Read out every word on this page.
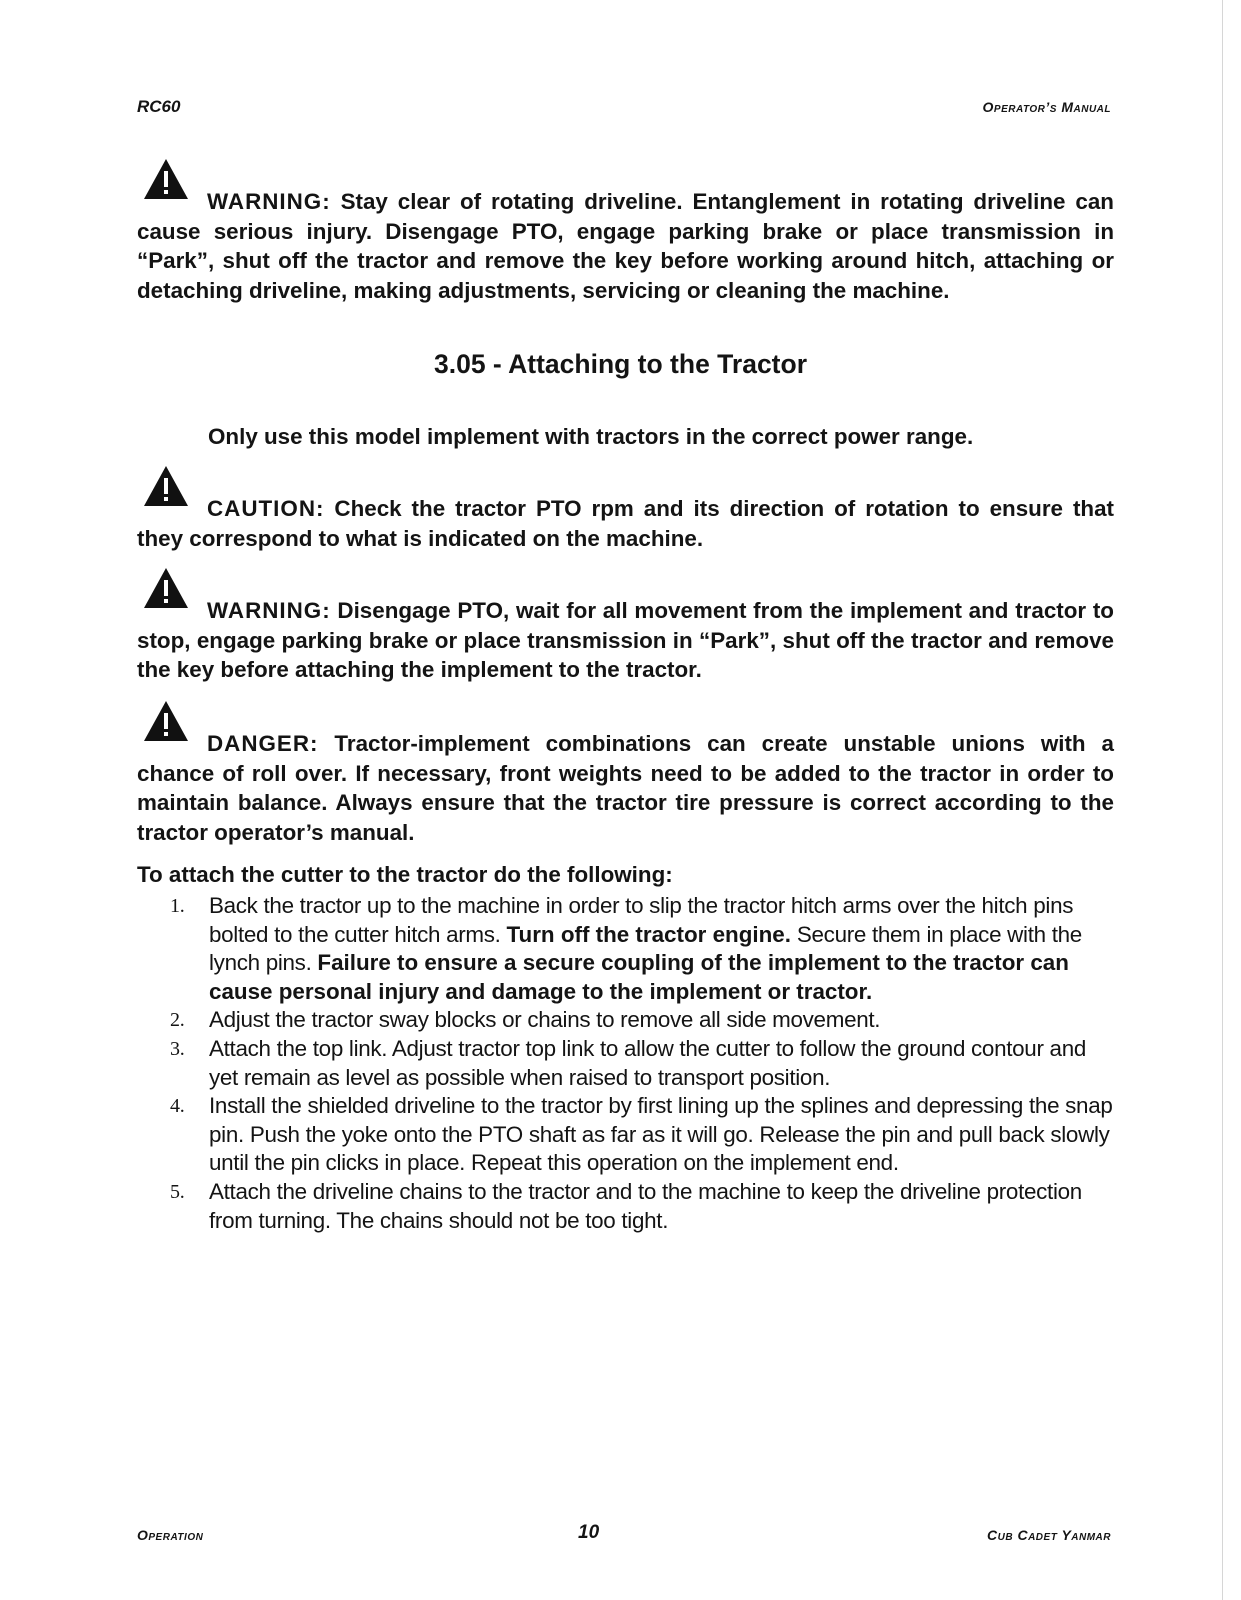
RC60	Operator’s Manual
WARNING: Stay clear of rotating driveline. Entanglement in rotating driveline can cause serious injury. Disengage PTO, engage parking brake or place transmission in “Park”, shut off the tractor and remove the key before working around hitch, attaching or detaching driveline, making adjustments, servicing or cleaning the machine.
3.05 - Attaching to the Tractor
Only use this model implement with tractors in the correct power range.
CAUTION: Check the tractor PTO rpm and its direction of rotation to ensure that they correspond to what is indicated on the machine.
WARNING: Disengage PTO, wait for all movement from the implement and tractor to stop, engage parking brake or place transmission in “Park”, shut off the tractor and remove the key before attaching the implement to the tractor.
DANGER: Tractor-implement combinations can create unstable unions with a chance of roll over. If necessary, front weights need to be added to the tractor in order to maintain balance. Always ensure that the tractor tire pressure is correct according to the tractor operator’s manual.
To attach the cutter to the tractor do the following:
1.	Back the tractor up to the machine in order to slip the tractor hitch arms over the hitch pins bolted to the cutter hitch arms. Turn off the tractor engine. Secure them in place with the lynch pins. Failure to ensure a secure coupling of the implement to the tractor can cause personal injury and damage to the implement or tractor.
2.	Adjust the tractor sway blocks or chains to remove all side movement.
3.	Attach the top link. Adjust tractor top link to allow the cutter to follow the ground contour and yet remain as level as possible when raised to transport position.
4.	Install the shielded driveline to the tractor by first lining up the splines and depressing the snap pin. Push the yoke onto the PTO shaft as far as it will go. Release the pin and pull back slowly until the pin clicks in place. Repeat this operation on the implement end.
5.	Attach the driveline chains to the tractor and to the machine to keep the driveline protection from turning. The chains should not be too tight.
Operation	10	Cub Cadet Yanmar
